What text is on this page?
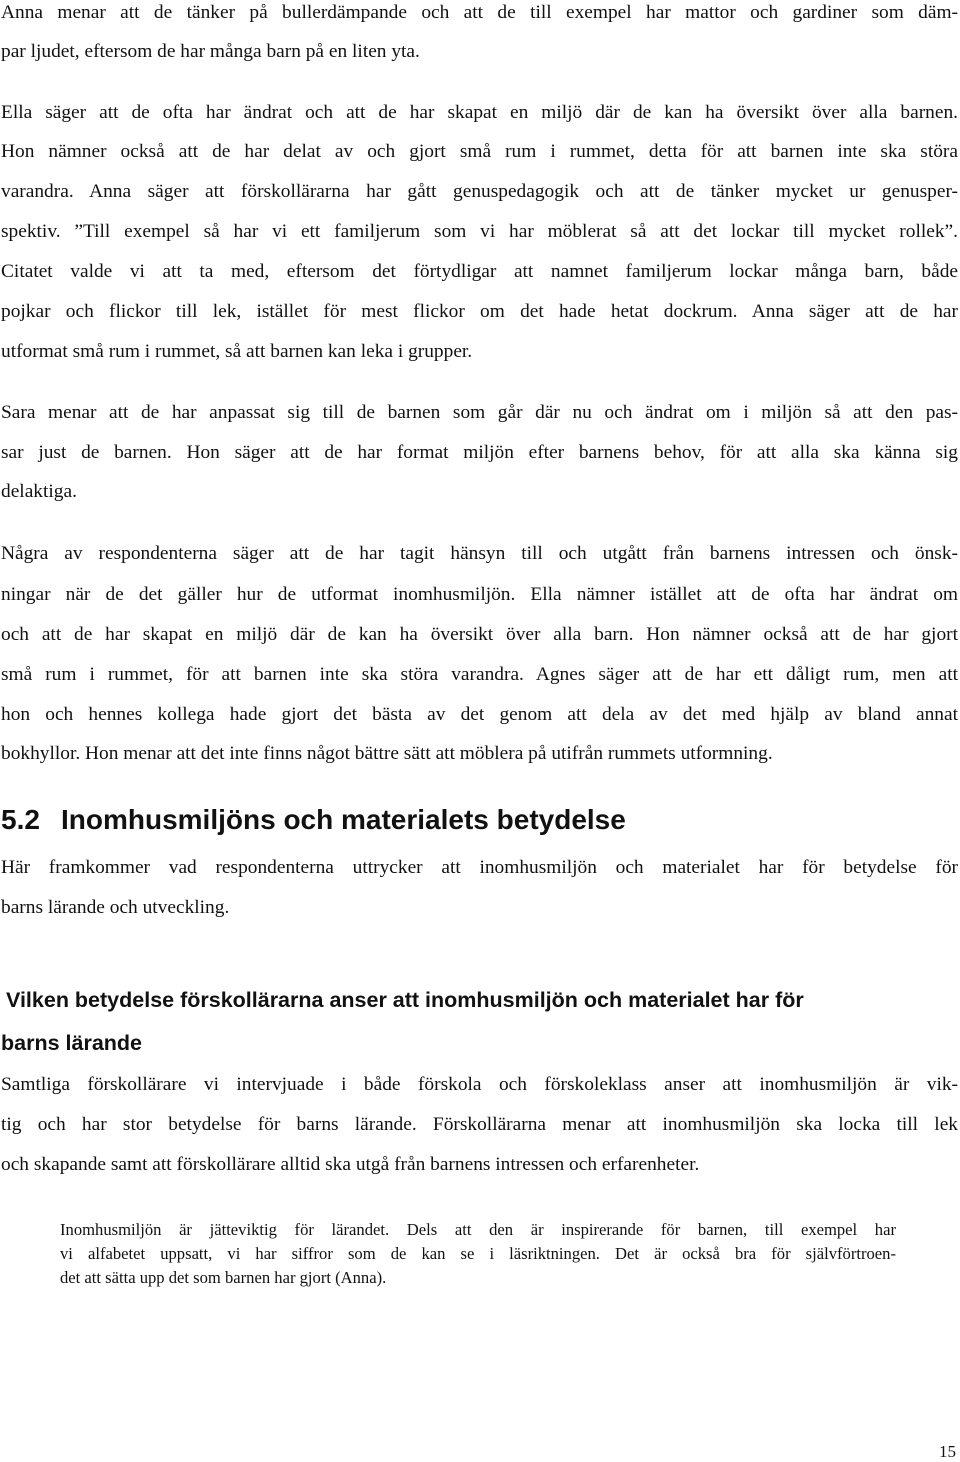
Anna menar att de tänker på bullerdämpande och att de till exempel har mattor och gardiner som däm-
par ljudet, eftersom de har många barn på en liten yta.
Ella säger att de ofta har ändrat och att de har skapat en miljö där de kan ha översikt över alla barnen.
Hon nämner också att de har delat av och gjort små rum i rummet, detta för att barnen inte ska störa
varandra. Anna säger att förskollärarna har gått genuspedagogik och att de tänker mycket ur genusper-
spektiv. ”Till exempel så har vi ett familjerum som vi har möblerat så att det lockar till mycket rollek”.
Citatet valde vi att ta med, eftersom det förtydligar att namnet familjerum lockar många barn, både
pojkar och flickor till lek, istället för mest flickor om det hade hetat dockrum. Anna säger att de har
utformat små rum i rummet, så att barnen kan leka i grupper.
Sara menar att de har anpassat sig till de barnen som går där nu och ändrat om i miljön så att den pas-
sar just de barnen. Hon säger att de har format miljön efter barnens behov, för att alla ska känna sig
delaktiga.
Några av respondenterna säger att de har tagit hänsyn till och utgått från barnens intressen och önsk-
ningar när de det gäller hur de utformat inomhusmiljön. Ella nämner istället att de ofta har ändrat om
och att de har skapat en miljö där de kan ha översikt över alla barn. Hon nämner också att de har gjort
små rum i rummet, för att barnen inte ska störa varandra. Agnes säger att de har ett dåligt rum, men att
hon och hennes kollega hade gjort det bästa av det genom att dela av det med hjälp av bland annat
bokhyllor. Hon menar att det inte finns något bättre sätt att möblera på utifrån rummets utformning.
5.2 Inomhusmiljöns och materialets betydelse
Här framkommer vad respondenterna uttrycker att inomhusmiljön och materialet har för betydelse för
barns lärande och utveckling.
Vilken betydelse förskollärarna anser att inomhusmiljön och materialet har för
barns lärande
Samtliga förskollärare vi intervjuade i både förskola och förskoleklass anser att inomhusmiljön är vik-
tig och har stor betydelse för barns lärande. Förskollärarna menar att inomhusmiljön ska locka till lek
och skapande samt att förskollärare alltid ska utgå från barnens intressen och erfarenheter.
Inomhusmiljön är jätteviktig för lärandet. Dels att den är inspirerande för barnen, till exempel har
vi alfabetet uppsatt, vi har siffror som de kan se i läsriktningen. Det är också bra för självförtroen-
det att sätta upp det som barnen har gjort (Anna).
15
